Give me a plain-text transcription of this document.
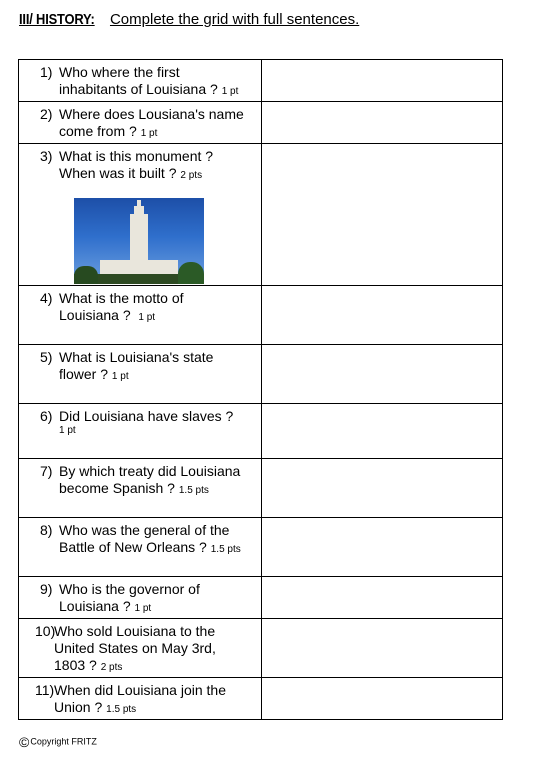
III/ HISTORY: Complete the grid with full sentences.
1) Who where the first
inhabitants of Louisiana ? 1 pt	

2) Where does Lousiana's name
come from ? 1 pt	

3) What is this monument ?
When was it built ? 2 pts	

4) What is the motto of
Louisiana ? 1 pt	

5) What is Louisiana's state
flower ? 1 pt	

6) Did Louisiana have slaves ?
1 pt	

7) By which treaty did Louisiana
become Spanish ? 1.5 pts	

8) Who was the general of the
Battle of New Orleans ? 1.5 pts	

9) Who is the governor of
Louisiana ? 1 pt	

10)
Who sold Louisiana to the
United States on May 3rd,
1803 ? 2 pts	

11) When did Louisiana join the
Union ? 1.5 pts	

©Copyright FRITZ
